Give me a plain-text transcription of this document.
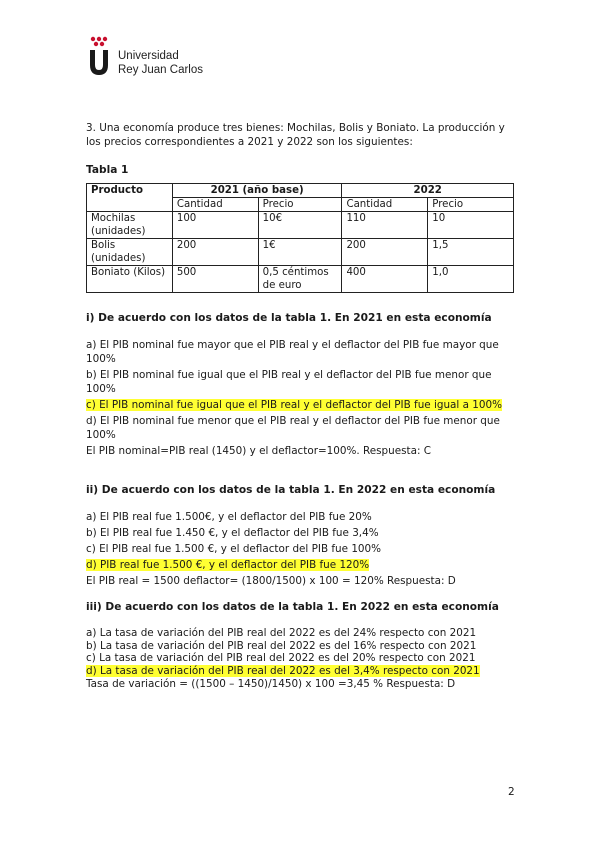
Universidad
Rey Juan Carlos
3. Una economía produce tres bienes: Mochilas, Bolis y Boniato. La producción y los precios correspondientes a 2021 y 2022 son los siguientes:
Tabla 1
Producto	2021 (año base)		2022	
	Cantidad	Precio	Cantidad	Precio
Mochilas (unidades)	100	10€	110	10
Bolis (unidades)	200	1€	200	1,5
Boniato (Kilos)	500	0,5 céntimos de euro	400	1,0
i) De acuerdo con los datos de la tabla 1. En 2021 en esta economía
a) El PIB nominal fue mayor que el PIB real y el deflactor del PIB fue mayor que 100%
b) El PIB nominal fue igual que el PIB real y el deflactor del PIB fue menor que 100%
c) El PIB nominal fue igual que el PIB real y el deflactor del PIB fue igual a 100%
d) El PIB nominal fue menor que el PIB real y el deflactor del PIB fue menor que 100%
El PIB nominal=PIB real (1450) y el deflactor=100%. Respuesta: C
ii) De acuerdo con los datos de la tabla 1. En 2022 en esta economía
a) El PIB real fue 1.500€, y el deflactor del PIB fue 20%
b) El PIB real fue 1.450 €, y el deflactor del PIB fue 3,4%
c) El PIB real fue 1.500 €, y el deflactor del PIB fue 100%
d) PIB real fue 1.500 €, y el deflactor del PIB fue 120%
El PIB real = 1500 deflactor= (1800/1500) x 100 = 120% Respuesta: D
iii) De acuerdo con los datos de la tabla 1. En 2022 en esta economía
a) La tasa de variación del PIB real del 2022 es del 24% respecto con 2021
b) La tasa de variación del PIB real del 2022 es del 16% respecto con 2021
c) La tasa de variación del PIB real del 2022 es del 20% respecto con 2021
d) La tasa de variación del PIB real del 2022 es del 3,4% respecto con 2021
Tasa de variación = ((1500 – 1450)/1450) x 100 =3,45 % Respuesta: D
2
